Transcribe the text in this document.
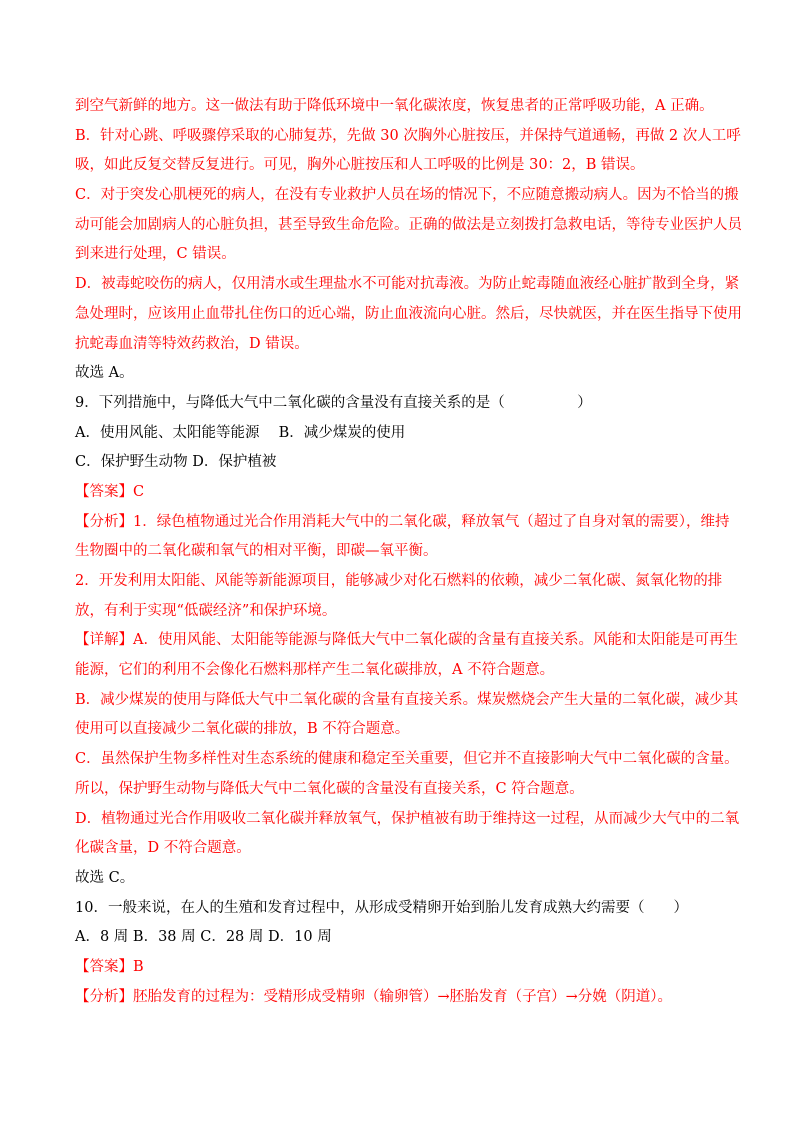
到空气新鲜的地方。这一做法有助于降低环境中一氧化碳浓度，恢复患者的正常呼吸功能，A 正确。
B．针对心跳、呼吸骤停采取的心肺复苏，先做 30 次胸外心脏按压，并保持气道通畅，再做 2 次人工呼
吸，如此反复交替反复进行。可见，胸外心脏按压和人工呼吸的比例是 30：2，B 错误。
C．对于突发心肌梗死的病人，在没有专业救护人员在场的情况下，不应随意搬动病人。因为不恰当的搬
动可能会加剧病人的心脏负担，甚至导致生命危险。正确的做法是立刻拨打急救电话，等待专业医护人员
到来进行处理，C 错误。
D．被毒蛇咬伤的病人，仅用清水或生理盐水不可能对抗毒液。为防止蛇毒随血液经心脏扩散到全身，紧
急处理时，应该用止血带扎住伤口的近心端，防止血液流向心脏。然后，尽快就医，并在医生指导下使用
抗蛇毒血清等特效药救治，D 错误。
故选 A。
9．下列措施中，与降低大气中二氧化碳的含量没有直接关系的是（　　　　　）
A．使用风能、太阳能等能源　 B．减少煤炭的使用
C．保护野生动物 D．保护植被
【答案】C
【分析】1．绿色植物通过光合作用消耗大气中的二氧化碳，释放氧气（超过了自身对氧的需要），维持
生物圈中的二氧化碳和氧气的相对平衡，即碳—氧平衡。
2．开发利用太阳能、风能等新能源项目，能够减少对化石燃料的依赖，减少二氧化碳、氮氧化物的排
放，有利于实现“低碳经济”和保护环境。
【详解】A．使用风能、太阳能等能源与降低大气中二氧化碳的含量有直接关系。风能和太阳能是可再生
能源，它们的利用不会像化石燃料那样产生二氧化碳排放，A 不符合题意。
B．减少煤炭的使用与降低大气中二氧化碳的含量有直接关系。煤炭燃烧会产生大量的二氧化碳，减少其
使用可以直接减少二氧化碳的排放，B 不符合题意。
C．虽然保护生物多样性对生态系统的健康和稳定至关重要，但它并不直接影响大气中二氧化碳的含量。
所以，保护野生动物与降低大气中二氧化碳的含量没有直接关系，C 符合题意。
D．植物通过光合作用吸收二氧化碳并释放氧气，保护植被有助于维持这一过程，从而减少大气中的二氧
化碳含量，D 不符合题意。
故选 C。
10．一般来说，在人的生殖和发育过程中，从形成受精卵开始到胎儿发育成熟大约需要（　　）
A．8 周 B．38 周 C．28 周 D．10 周
【答案】B
【分析】胚胎发育的过程为：受精形成受精卵（输卵管）→胚胎发育（子宫）→分娩（阴道）。
